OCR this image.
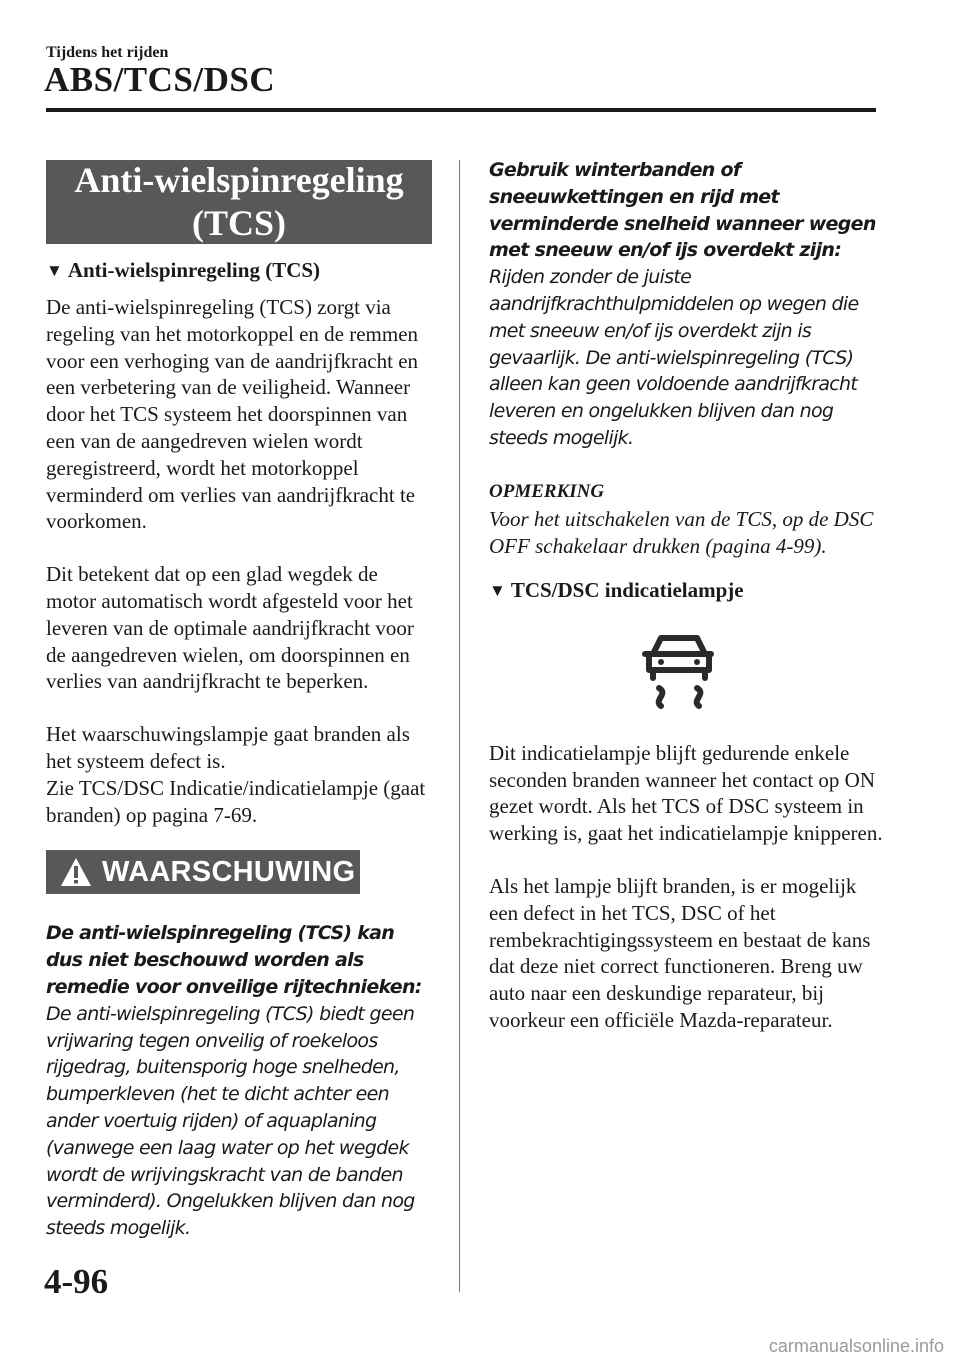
Tijdens het rijden
ABS/TCS/DSC
Anti-wielspinregeling
(TCS)
▼ Anti-wielspinregeling (TCS)

De anti-wielspinregeling (TCS) zorgt via regeling van het motorkoppel en de remmen voor een verhoging van de aandrijfkracht en een verbetering van de veiligheid. Wanneer door het TCS systeem het doorspinnen van een van de aangedreven wielen wordt geregistreerd, wordt het motorkoppel verminderd om verlies van aandrijfkracht te voorkomen.

Dit betekent dat op een glad wegdek de motor automatisch wordt afgesteld voor het leveren van de optimale aandrijfkracht voor de aangedreven wielen, om doorspinnen en verlies van aandrijfkracht te beperken.

Het waarschuwingslampje gaat branden als het systeem defect is.

Zie TCS/DSC Indicatie/indicatielampje (gaat branden) op pagina 7-69.

WAARSCHUWING

De anti-wielspinregeling (TCS) kan dus niet beschouwd worden als remedie voor onveilige rijtechnieken:

De anti-wielspinregeling (TCS) biedt geen vrijwaring tegen onveilig of roekeloos rijgedrag, buitensporig hoge snelheden, bumperkleven (het te dicht achter een ander voertuig rijden) of aquaplaning (vanwege een laag water op het wegdek wordt de wrijvingskracht van de banden verminderd). Ongelukken blijven dan nog steeds mogelijk.

Gebruik winterbanden of sneeuwkettingen en rijd met verminderde snelheid wanneer wegen met sneeuw en/of ijs overdekt zijn:

Rijden zonder de juiste aandrijfkrachthulpmiddelen op wegen die met sneeuw en/of ijs overdekt zijn is gevaarlijk. De anti-wielspinregeling (TCS) alleen kan geen voldoende aandrijfkracht leveren en ongelukken blijven dan nog steeds mogelijk.

OPMERKING

Voor het uitschakelen van de TCS, op de DSC OFF schakelaar drukken (pagina 4-99).

▼ TCS/DSC indicatielampje

Dit indicatielampje blijft gedurende enkele seconden branden wanneer het contact op ON gezet wordt. Als het TCS of DSC systeem in werking is, gaat het indicatielampje knipperen.

Als het lampje blijft branden, is er mogelijk een defect in het TCS, DSC of het rembekrachtigingssysteem en bestaat de kans dat deze niet correct functioneren. Breng uw auto naar een deskundige reparateur, bij voorkeur een officiële Mazda-reparateur.

4-96
carmanualsonline.info
